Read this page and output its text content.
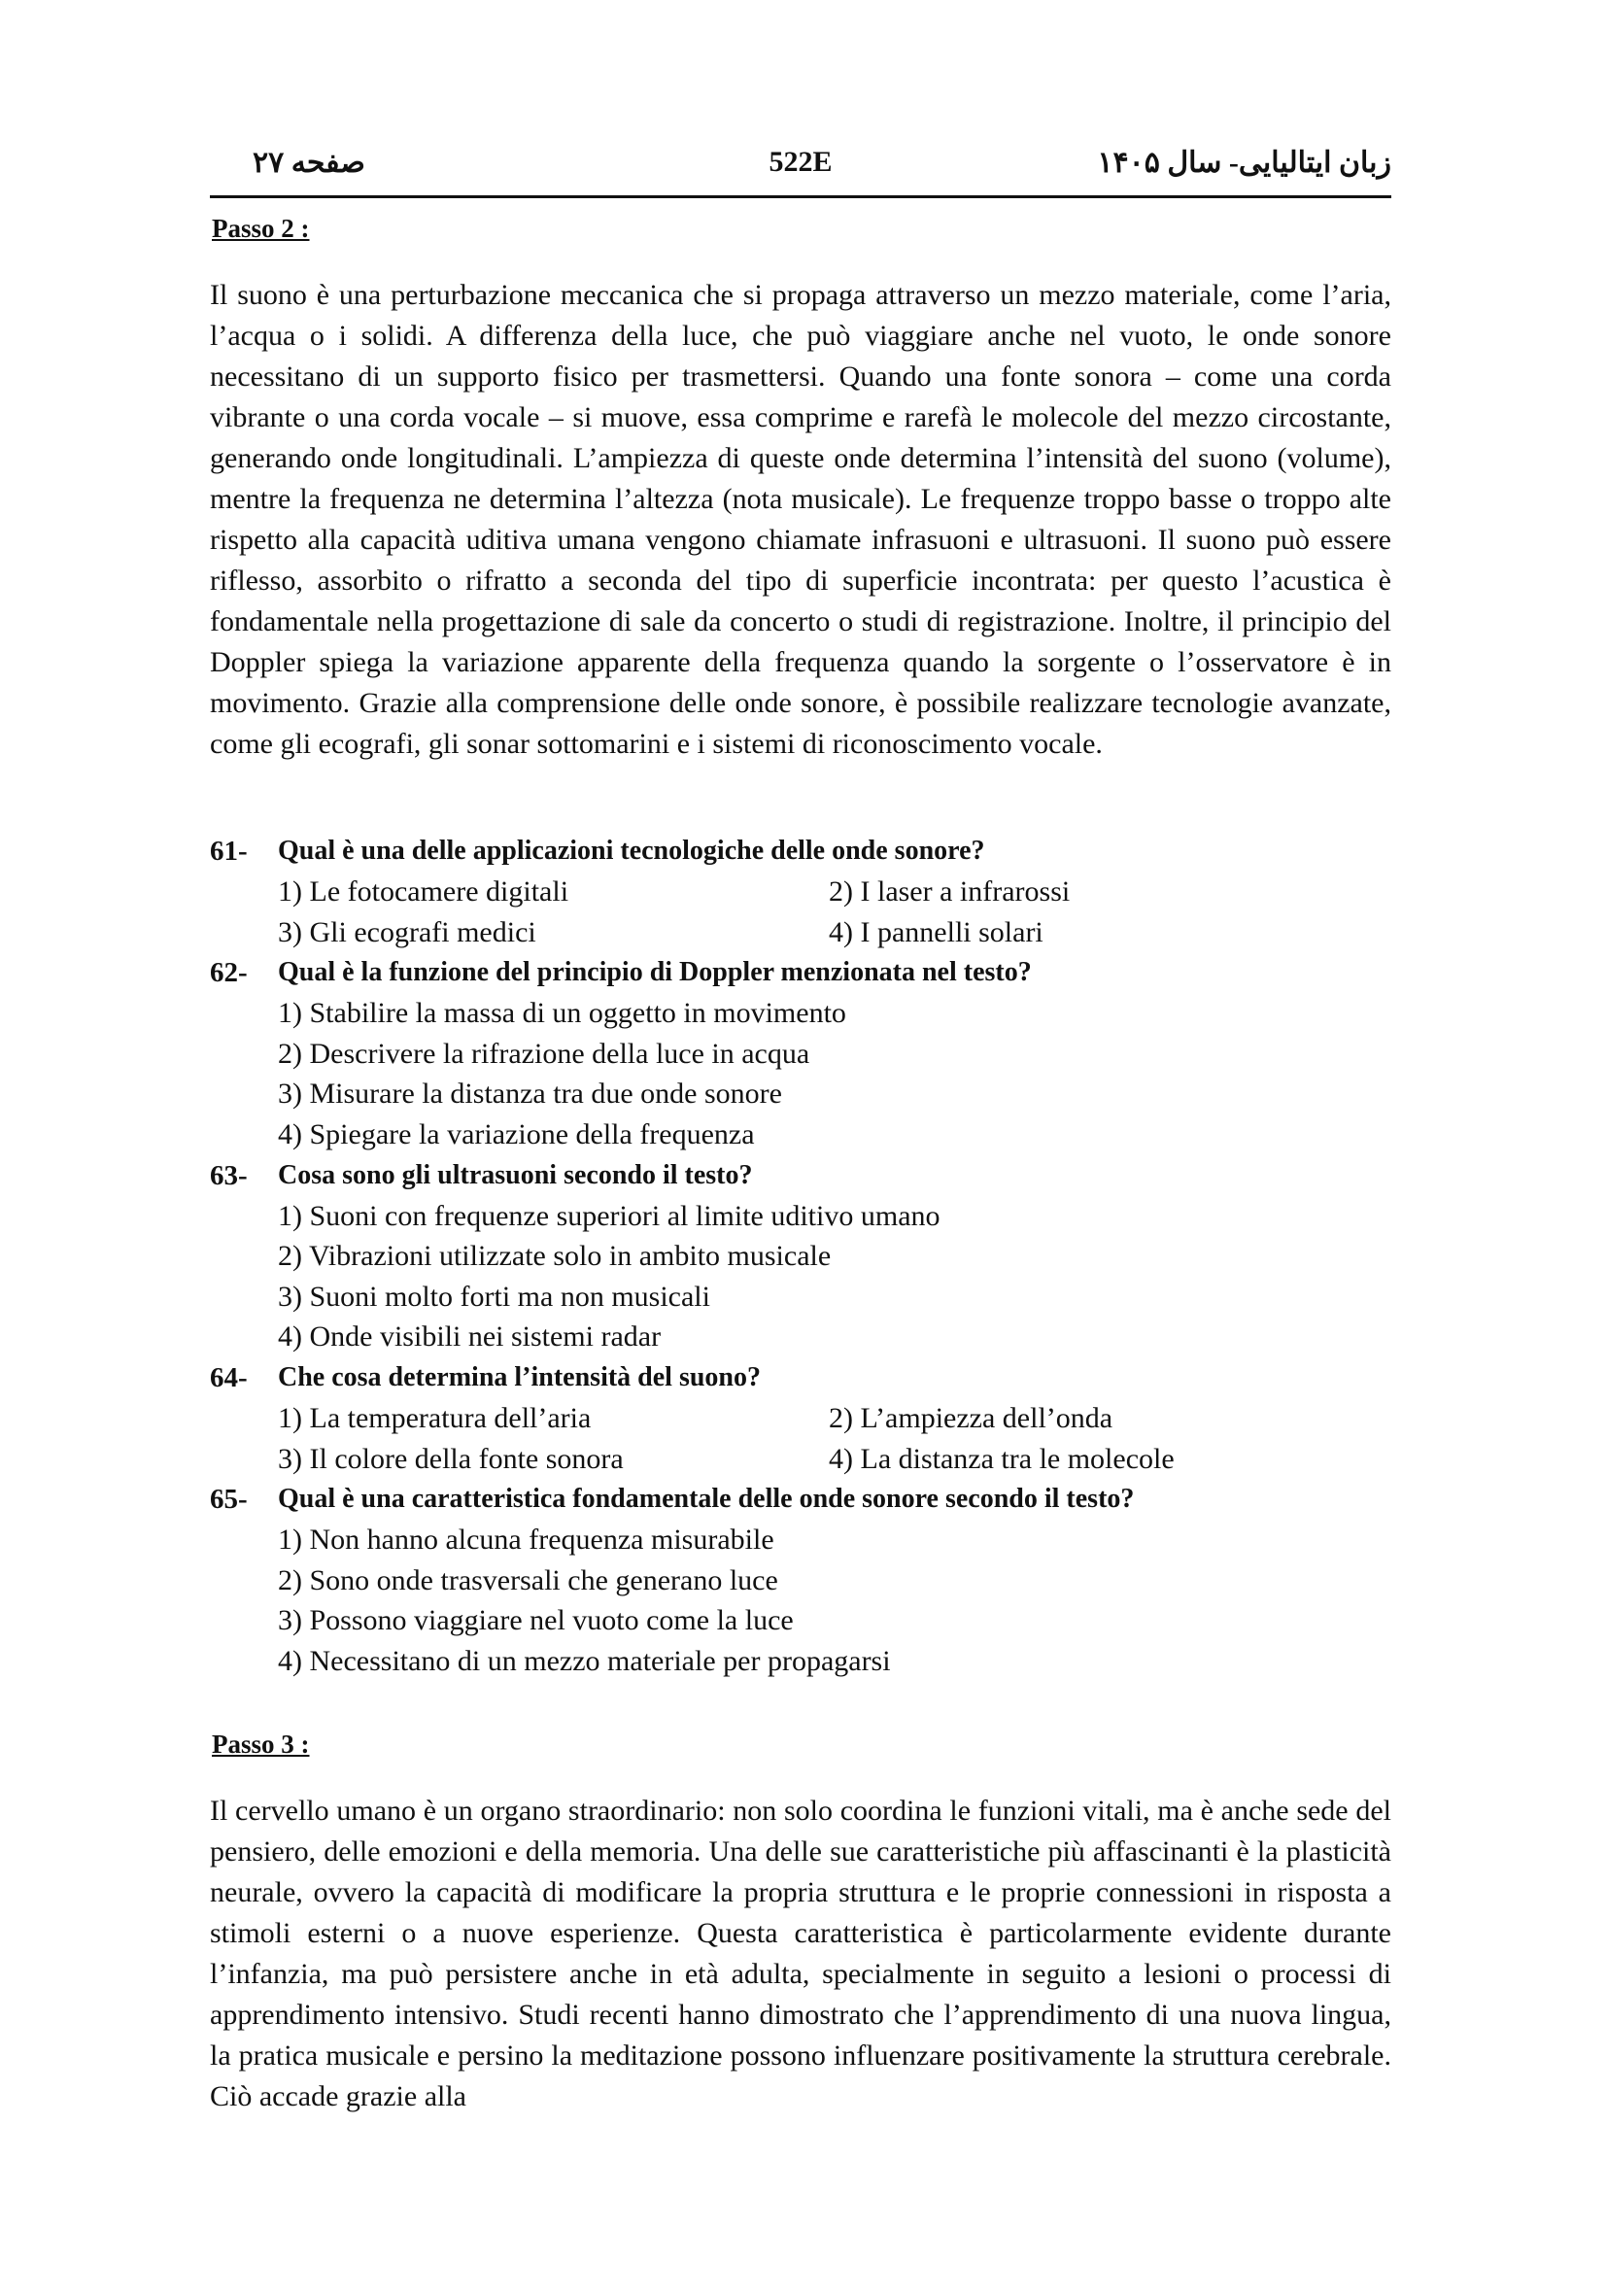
صفحه ۲۷	522E	زبان ایتالیایی- سال ۱۴۰۵
Passo 2 :
Il suono è una perturbazione meccanica che si propaga attraverso un mezzo materiale, come l’aria, l’acqua o i solidi. A differenza della luce, che può viaggiare anche nel vuoto, le onde sonore necessitano di un supporto fisico per trasmettersi. Quando una fonte sonora – come una corda vibrante o una corda vocale – si muove, essa comprime e rarefà le molecole del mezzo circostante, generando onde longitudinali. L’ampiezza di queste onde determina l’intensità del suono (volume), mentre la frequenza ne determina l’altezza (nota musicale). Le frequenze troppo basse o troppo alte rispetto alla capacità uditiva umana vengono chiamate infrasuoni e ultrasuoni. Il suono può essere riflesso, assorbito o rifratto a seconda del tipo di superficie incontrata: per questo l’acustica è fondamentale nella progettazione di sale da concerto o studi di registrazione. Inoltre, il principio del Doppler spiega la variazione apparente della frequenza quando la sorgente o l’osservatore è in movimento. Grazie alla comprensione delle onde sonore, è possibile realizzare tecnologie avanzate, come gli ecografi, gli sonar sottomarini e i sistemi di riconoscimento vocale.
61-	Qual è una delle applicazioni tecnologiche delle onde sonore?
1) Le fotocamere digitali	2) I laser a infrarossi
3) Gli ecografi medici	4) I pannelli solari
62-	Qual è la funzione del principio di Doppler menzionata nel testo?
1) Stabilire la massa di un oggetto in movimento
2) Descrivere la rifrazione della luce in acqua
3) Misurare la distanza tra due onde sonore
4) Spiegare la variazione della frequenza
63-	Cosa sono gli ultrasuoni secondo il testo?
1) Suoni con frequenze superiori al limite uditivo umano
2) Vibrazioni utilizzate solo in ambito musicale
3) Suoni molto forti ma non musicali
4) Onde visibili nei sistemi radar
64-	Che cosa determina l’intensità del suono?
1) La temperatura dell’aria	2) L’ampiezza dell’onda
3) Il colore della fonte sonora	4) La distanza tra le molecole
65-	Qual è una caratteristica fondamentale delle onde sonore secondo il testo?
1) Non hanno alcuna frequenza misurabile
2) Sono onde trasversali che generano luce
3) Possono viaggiare nel vuoto come la luce
4) Necessitano di un mezzo materiale per propagarsi
Passo 3 :
Il cervello umano è un organo straordinario: non solo coordina le funzioni vitali, ma è anche sede del pensiero, delle emozioni e della memoria. Una delle sue caratteristiche più affascinanti è la plasticità neurale, ovvero la capacità di modificare la propria struttura e le proprie connessioni in risposta a stimoli esterni o a nuove esperienze. Questa caratteristica è particolarmente evidente durante l’infanzia, ma può persistere anche in età adulta, specialmente in seguito a lesioni o processi di apprendimento intensivo. Studi recenti hanno dimostrato che l’apprendimento di una nuova lingua, la pratica musicale e persino la meditazione possono influenzare positivamente la struttura cerebrale. Ciò accade grazie alla
